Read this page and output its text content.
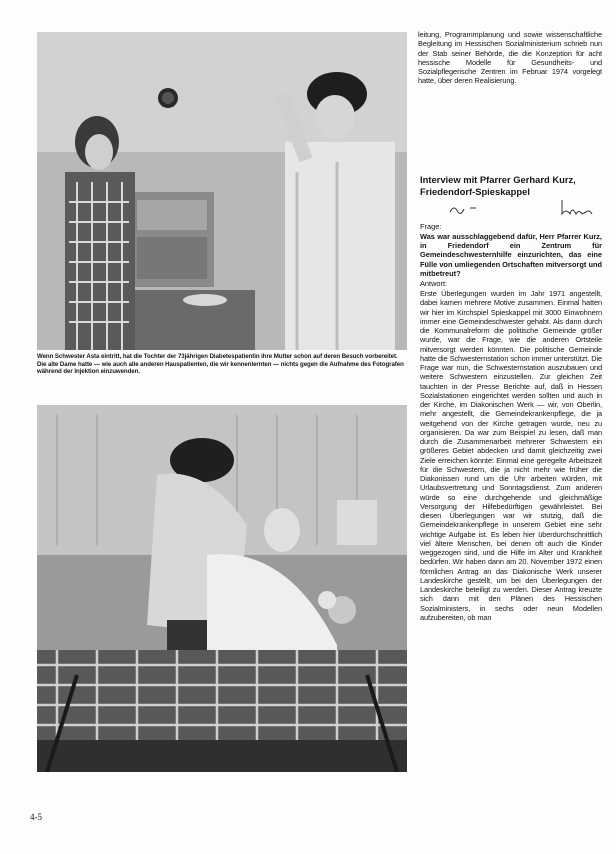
Wenn Schwester Asta eintritt, hat die Tochter der 73jährigen Diabetespatientin ihre Mutter schon auf deren Besuch vorbereitet. Die alte Dame hatte — wie auch alle anderen Hauspatienten, die wir kennenlernten — nichts gegen die Aufnahme des Fotografen während der Injektion einzuwenden.

leitung, Programmplanung und sowie wissenschaftliche Begleitung im Hessischen Sozialministerium schrieb nun der Stab seiner Behörde, die die Konzeption für acht hessische Modelle für Gesundheits- und Sozialpflegerische Zentren im Februar 1974 vorgelegt hatte, über deren Realisierung.

Interview mit Pfarrer Gerhard Kurz, Friedendorf-Spieskappel

Frage:

Was war ausschlaggebend dafür, Herr Pfarrer Kurz, in Friedendorf ein Zentrum für Gemeindeschwesternhilfe einzurichten, das eine Fülle von umliegenden Ortschaften mitversorgt und mitbetreut?

Antwort:

Erste Überlegungen wurden im Jahr 1971 angestellt, dabei kamen mehrere Motive zusammen. Einmal hatten wir hier im Kirchspiel Spieskappel mit 3000 Einwohnern immer eine Gemeindeschwester gehabt. Als dann durch die Kommunalreform die politische Gemeinde größer wurde, war die Frage, wie die anderen Ortsteile mitversorgt werden könnten. Die politische Gemeinde hatte die Schwesternstation schon immer unterstützt. Die Frage war nun, die Schwesternstation auszubauen und weitere Schwestern einzustellen. Zur gleichen Zeit tauchten in der Presse Berichte auf, daß in Hessen Sozialstationen eingerichtet werden sollten und auch in der Kirche, im Diakonischen Werk — wir, von Oberlin, mehr angestellt, die Gemeindekrankenpflege, die ja weitgehend von der Kirche getragen wurde, neu zu organisieren. Da war zum Beispiel zu lesen, daß man durch die Zusammenarbeit mehrerer Schwestern ein größeres Gebiet abdecken und damit gleichzeitig zwei Ziele erreichen könnte: Einmal eine geregelte Arbeitszeit für die Schwestern, die ja nicht mehr wie früher die Diakonissen rund um die Uhr arbeiten würden, mit Urlaubsvertretung und Sonntagsdienst. Zum anderen würde so eine durchgehende und gleichmäßige Versorgung der Hilfebedürftigen gewährleistet. Bei diesen Überlegungen war wir stutzig, daß die Gemeindekrankenpflege in unserem Gebiet eine sehr wichtige Aufgabe ist. Es leben hier überdurchschnittlich viel ältere Menschen, bei denen oft auch die Kinder weggezogen sind, und die Hilfe im Alter und Krankheit bedürfen. Wir haben dann am 20. November 1972 einen förmlichen Antrag an das Diakonische Werk unserer Landeskirche gestellt, um bei den Überlegungen der Landeskirche beteiligt zu werden. Dieser Antrag kreuzte sich dann mit den Plänen des Hessischen Sozialministers, in sechs oder neun Modellen aufzubereiten, ob man

4-5
